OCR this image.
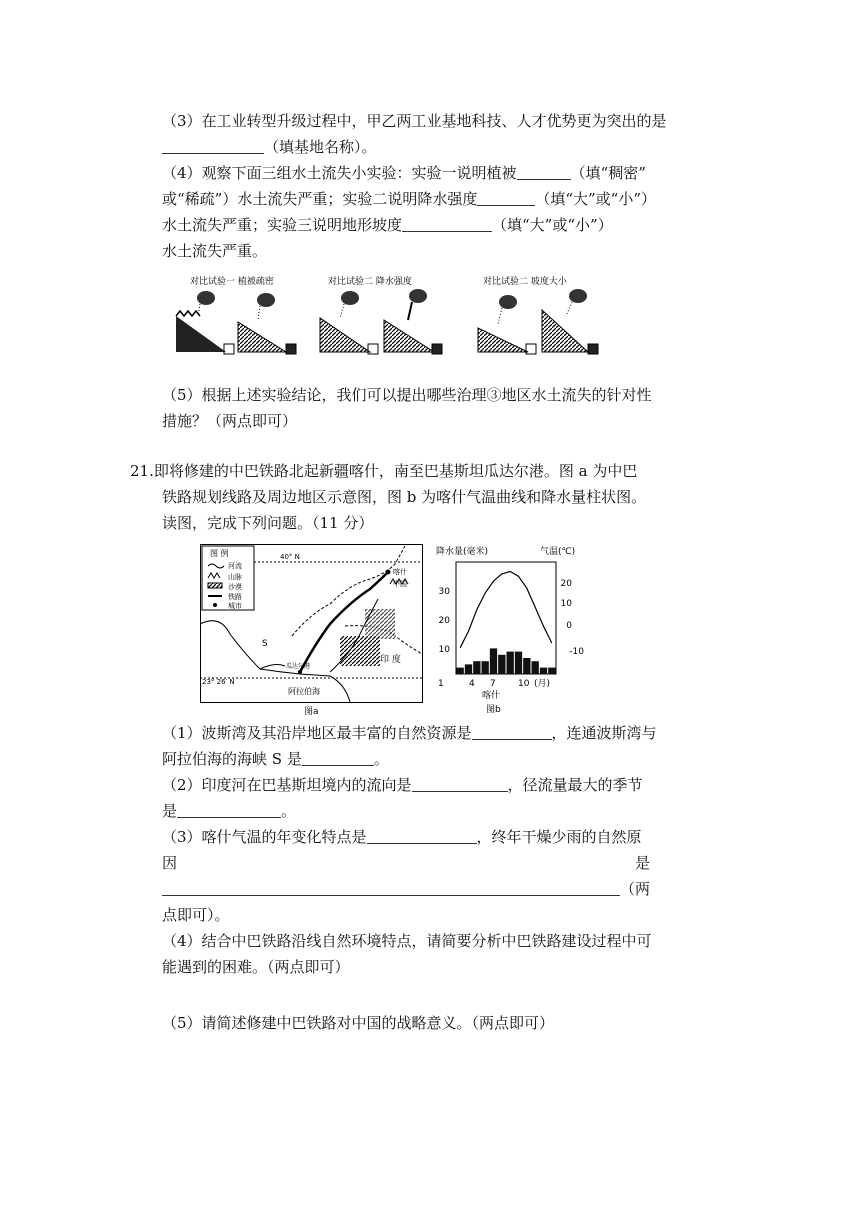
（3）在工业转型升级过程中，甲乙两工业基地科技、人才优势更为突出的是
（填基地名称）。
（4）观察下面三组水土流失小实验：实验一说明植被	（填“稠密”
或“稀疏”）水土流失严重；实验二说明降水强度	（填“大”或“小”）
水土流失严重；实验三说明地形坡度	（填“大”或“小”）
水土流失严重。
对比试验一 植被疏密	对比试验二 降水强度	对比试验二 坡度大小
（5）根据上述实验结论，我们可以提出哪些治理③地区水土流失的针对性
措施？（两点即可）
21.即将修建的中巴铁路北起新疆喀什，南至巴基斯坦瓜达尔港。图 a 为中巴
铁路规划线路及周边地区示意图，图 b 为喀什气温曲线和降水量柱状图。
读图，完成下列问题。（11 分）
图 例
河流
山脉
沙漠
铁路
城市
40° N
23° 26′ N
喀什
中国
S
阿拉伯海
印 度
瓜达尔港
图a
降水量(毫米)	气温(℃)
1	4 7 10 (月)
喀什
图b
30
20
10
20
10
0
-10
（1）波斯湾及其沿岸地区最丰富的自然资源是	，连通波斯湾与
阿拉伯海的海峡 S 是	。
（2）印度河在巴基斯坦境内的流向是	，径流量最大的季节
是	。
（3）喀什气温的年变化特点是	，终年干燥少雨的自然原
因	是
（两
点即可）。
（4）结合中巴铁路沿线自然环境特点，请简要分析中巴铁路建设过程中可
能遇到的困难。（两点即可）
（5）请简述修建中巴铁路对中国的战略意义。（两点即可）
